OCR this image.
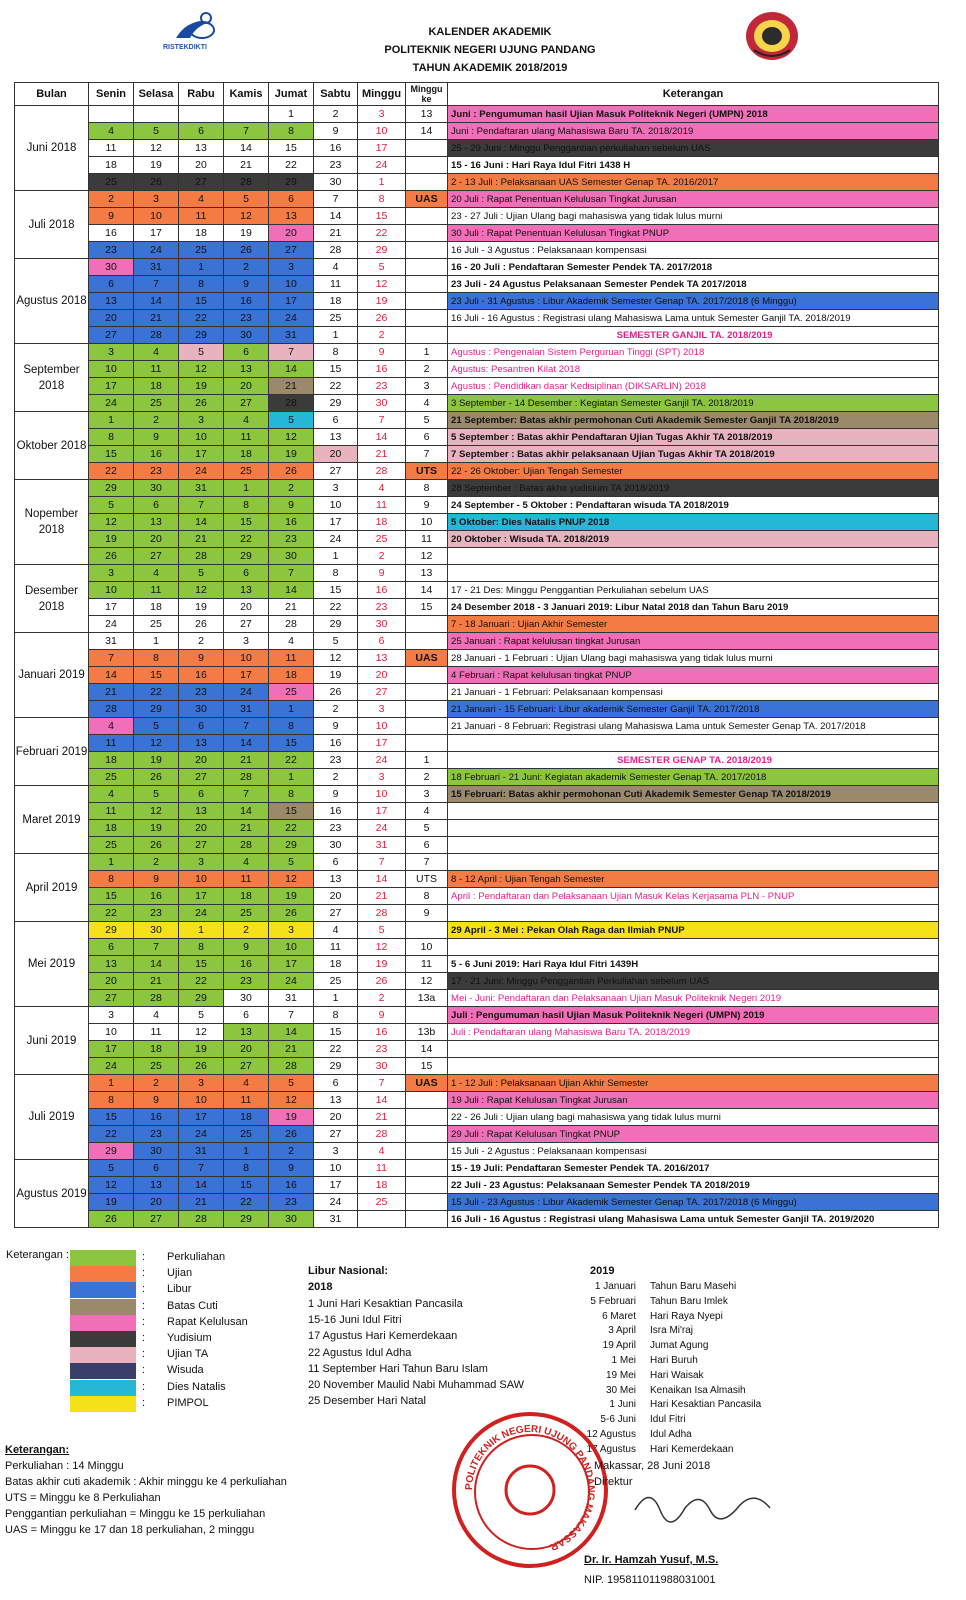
RISTEKDIKTI
KALENDER AKADEMIK
POLITEKNIK NEGERI UJUNG PANDANG
TAHUN AKADEMIK 2018/2019
Bulan	Senin	Selasa	Rabu	Kamis	Jumat	Sabtu	Minggu	Minggu ke	Keterangan
Juni 2018					1	2	3	13	Juni : Pengumuman hasil Ujian Masuk Politeknik Negeri (UMPN) 2018
	4	5	6	7	8	9	10	14	Juni : Pendaftaran ulang Mahasiswa Baru TA. 2018/2019
	11	12	13	14	15	16	17		25 - 29 Juni : Minggu Penggantian perkuliahan sebelum UAS
	18	19	20	21	22	23	24		15 - 16 Juni : Hari Raya Idul Fitri 1438 H
	25	26	27	28	29	30	1		2 - 13 Juli : Pelaksanaan UAS Semester Genap TA. 2016/2017
Juli 2018	2	3	4	5	6	7	8	UAS	20 Juli : Rapat Penentuan Kelulusan Tingkat Jurusan
	9	10	11	12	13	14	15		23 - 27 Juli : Ujian Ulang bagi mahasiswa yang tidak lulus murni
	16	17	18	19	20	21	22		30 Juli : Rapat Penentuan Kelulusan Tingkat PNUP
	23	24	25	26	27	28	29		16 Juli - 3 Agustus : Pelaksanaan kompensasi
Agustus 2018	30	31	1	2	3	4	5		16 - 20 Juli : Pendaftaran Semester Pendek TA. 2017/2018
	6	7	8	9	10	11	12		23 Juli - 24 Agustus Pelaksanaan Semester Pendek TA 2017/2018
	13	14	15	16	17	18	19		23 Juli - 31 Agustus : Libur Akademik Semester Genap TA. 2017/2018 (6 Minggu)
	20	21	22	23	24	25	26		16 Juli - 16 Agustus : Registrasi ulang Mahasiswa Lama untuk Semester Ganjil TA. 2018/2019
	27	28	29	30	31	1	2		SEMESTER GANJIL TA. 2018/2019
September 2018	3	4	5	6	7	8	9	1	Agustus : Pengenalan Sistem Perguruan Tinggi (SPT) 2018
	10	11	12	13	14	15	16	2	Agustus: Pesantren Kilat 2018
	17	18	19	20	21	22	23	3	Agustus : Pendidikan dasar Kedisiplinan (DIKSARLIN) 2018
	24	25	26	27	28	29	30	4	3 September - 14 Desember : Kegiatan Semester Ganjil TA. 2018/2019
Oktober 2018	1	2	3	4	5	6	7	5	21 September: Batas akhir permohonan Cuti Akademik Semester Ganjil TA 2018/2019
	8	9	10	11	12	13	14	6	5 September : Batas akhir Pendaftaran Ujian Tugas Akhir TA 2018/2019
	15	16	17	18	19	20	21	7	7 September : Batas akhir pelaksanaan Ujian Tugas Akhir TA 2018/2019
	22	23	24	25	26	27	28	UTS	22 - 26 Oktober: Ujian Tengah Semester
Nopember 2018	29	30	31	1	2	3	4	8	28 September : Batas akhir yudisium TA 2018/2019
	5	6	7	8	9	10	11	9	24 September - 5 Oktober : Pendaftaran wisuda TA 2018/2019
	12	13	14	15	16	17	18	10	5 Oktober: Dies Natalis PNUP 2018
	19	20	21	22	23	24	25	11	20 Oktober : Wisuda TA. 2018/2019
	26	27	28	29	30	1	2	12	
Desember 2018	3	4	5	6	7	8	9	13	
	10	11	12	13	14	15	16	14	17 - 21 Des: Minggu Penggantian Perkuliahan sebelum UAS
	17	18	19	20	21	22	23	15	24 Desember 2018 - 3 Januari 2019: Libur Natal 2018 dan Tahun Baru 2019
	24	25	26	27	28	29	30		7 - 18 Januari : Ujian Akhir Semester
Januari 2019	31	1	2	3	4	5	6		25 Januari : Rapat kelulusan tingkat Jurusan
	7	8	9	10	11	12	13	UAS	28 Januari - 1 Februari : Ujian Ulang bagi mahasiswa yang tidak lulus murni
	14	15	16	17	18	19	20		4 Februari : Rapat kelulusan tingkat PNUP
	21	22	23	24	25	26	27		21 Januari - 1 Februari: Pelaksanaan kompensasi
	28	29	30	31	1	2	3		21 Januari - 15 Februari: Libur akademik Semester Ganjil TA. 2017/2018
Februari 2019	4	5	6	7	8	9	10		21 Januari - 8 Februari: Registrasi ulang Mahasiswa Lama untuk Semester Genap TA. 2017/2018
	11	12	13	14	15	16	17		
	18	19	20	21	22	23	24	1	SEMESTER GENAP TA. 2018/2019
	25	26	27	28	1	2	3	2	18 Februari - 21 Juni: Kegiatan akademik Semester Genap TA. 2017/2018
Maret 2019	4	5	6	7	8	9	10	3	15 Februari: Batas akhir permohonan Cuti Akademik Semester Genap TA 2018/2019
	11	12	13	14	15	16	17	4	
	18	19	20	21	22	23	24	5	
	25	26	27	28	29	30	31	6	
April 2019	1	2	3	4	5	6	7	7	
	8	9	10	11	12	13	14	UTS	8 - 12 April : Ujian Tengah Semester
	15	16	17	18	19	20	21	8	April : Pendaftaran dan Pelaksanaan Ujian Masuk Kelas Kerjasama PLN - PNUP
	22	23	24	25	26	27	28	9	
Mei 2019	29	30	1	2	3	4	5		29 April - 3 Mei : Pekan Olah Raga dan Ilmiah PNUP
	6	7	8	9	10	11	12	10	
	13	14	15	16	17	18	19	11	5 - 6 Juni 2019: Hari Raya Idul Fitri 1439H
	20	21	22	23	24	25	26	12	17 - 21 Juni: Minggu Penggantian Perkuliahan sebelum UAS
	27	28	29	30	31	1	2	13a	Mei - Juni: Pendaftaran dan Pelaksanaan Ujian Masuk Politeknik Negeri 2019
Juni 2019	3	4	5	6	7	8	9		Juli : Pengumuman hasil Ujian Masuk Politeknik Negeri (UMPN) 2019
	10	11	12	13	14	15	16	13b	Juli : Pendaftaran ulang Mahasiswa Baru TA. 2018/2019
	17	18	19	20	21	22	23	14	
	24	25	26	27	28	29	30	15	
Juli 2019	1	2	3	4	5	6	7	UAS	1 - 12 Juli : Pelaksanaan Ujian Akhir Semester
	8	9	10	11	12	13	14		19 Juli : Rapat Kelulusan Tingkat Jurusan
	15	16	17	18	19	20	21		22 - 26 Juli : Ujian ulang bagi mahasiswa yang tidak lulus murni
	22	23	24	25	26	27	28		29 Juli : Rapat Kelulusan Tingkat PNUP
	29	30	31	1	2	3	4		15 Juli - 2 Agustus : Pelaksanaan kompensasi
Agustus 2019	5	6	7	8	9	10	11		15 - 19 Juli: Pendaftaran Semester Pendek TA. 2016/2017
	12	13	14	15	16	17	18		22 Juli - 23 Agustus: Pelaksanaan Semester Pendek TA 2018/2019
	19	20	21	22	23	24	25		15 Juli - 23 Agustus : Libur Akademik Semester Genap TA. 2017/2018 (6 Minggu)
	26	27	28	29	30	31			16 Juli - 16 Agustus : Registrasi ulang Mahasiswa Lama untuk Semester Ganjil TA. 2019/2020
Keterangan :	: Perkuliahan
: Ujian
: Libur
: Batas Cuti
: Rapat Kelulusan
: Yudisium
: Ujian TA
: Wisuda
: Dies Natalis
: PIMPOL
Libur Nasional:
2018
1 Juni Hari Kesaktian Pancasila
15-16 Juni Idul Fitri
17 Agustus Hari Kemerdekaan
22 Agustus Idul Adha
11 September Hari Tahun Baru Islam
20 November Maulid Nabi Muhammad SAW
25 Desember Hari Natal
2019
1 Januari Tahun Baru Masehi
5 Februari Tahun Baru Imlek
6 Maret Hari Raya Nyepi
3 April Isra Mi'raj
19 April Jumat Agung
1 Mei Hari Buruh
19 Mei Hari Waisak
30 Mei Kenaikan Isa Almasih
1 Juni Hari Kesaktian Pancasila
5-6 Juni Idul Fitri
12 Agustus Idul Adha
17 Agustus Hari Kemerdekaan
Keterangan:
Perkuliahan : 14 Minggu
Batas akhir cuti akademik : Akhir minggu ke 4 perkuliahan
UTS = Minggu ke 8 Perkuliahan
Penggantian perkuliahan = Minggu ke 15 perkuliahan
UAS = Minggu ke 17 dan 18 perkuliahan, 2 minggu
POLITEKNIK NEGERI UJUNG PANDANG MAKASSAR
Makassar, 28 Juni 2018
Direktur
Dr. Ir. Hamzah Yusuf, M.S.
NIP. 195811011988031001
